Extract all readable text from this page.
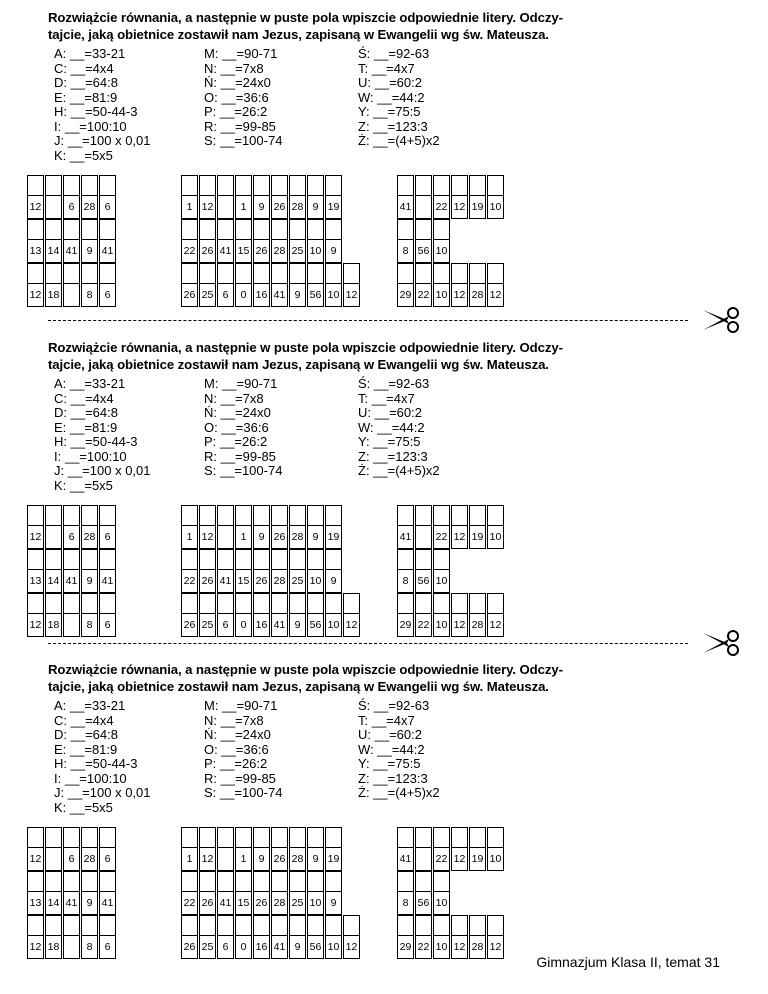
Rozwiążcie równania, a następnie w puste pola wpiszcie odpowiednie litery. Odczy-
tajcie, jaką obietnice zostawił nam Jezus, zapisaną w Ewangelii wg św. Mateusza.
A: __=33-21
C: __=4x4
D: __=64:8
E: __=81:9
H: __=50-44-3
I: __=100:10
J: __=100 x 0,01
K: __=5x5
M: __=90-71
N: __=7x8
Ń: __=24x0
O: __=36:6
P: __=26:2
R: __=99-85
S: __=100-74
Ś: __=92-63
T: __=4x7
U: __=60:2
W: __=44:2
Y: __=75:5
Z: __=123:3
Ż: __=(4+5)x2
12	6 28 6	1 12	1	9 26 28 9 19	41 22 12 19 10
13 14 41 9 41	22 26 41 15 26 28 25 10 9	8 56 10
12 18	8	6	26 25 6	0 16 41 9 56 10 12	29 22 10 12 28 12
Rozwiążcie równania, a następnie w puste pola wpiszcie odpowiednie litery. Odczy-
tajcie, jaką obietnice zostawił nam Jezus, zapisaną w Ewangelii wg św. Mateusza.
A: __=33-21
C: __=4x4
D: __=64:8
E: __=81:9
H: __=50-44-3
I: __=100:10
J: __=100 x 0,01
K: __=5x5
M: __=90-71
N: __=7x8
Ń: __=24x0
O: __=36:6
P: __=26:2
R: __=99-85
S: __=100-74
Ś: __=92-63
T: __=4x7
U: __=60:2
W: __=44:2
Y: __=75:5
Z: __=123:3
Ż: __=(4+5)x2
12	6 28 6	1 12	1	9 26 28 9 19	41 22 12 19 10
13 14 41 9 41	22 26 41 15 26 28 25 10 9	8 56 10
12 18	8	6	26 25 6	0 16 41 9 56 10 12	29 22 10 12 28 12
Rozwiążcie równania, a następnie w puste pola wpiszcie odpowiednie litery. Odczy-
tajcie, jaką obietnice zostawił nam Jezus, zapisaną w Ewangelii wg św. Mateusza.
A: __=33-21
C: __=4x4
D: __=64:8
E: __=81:9
H: __=50-44-3
I: __=100:10
J: __=100 x 0,01
K: __=5x5
M: __=90-71
N: __=7x8
Ń: __=24x0
O: __=36:6
P: __=26:2
R: __=99-85
S: __=100-74
Ś: __=92-63
T: __=4x7
U: __=60:2
W: __=44:2
Y: __=75:5
Z: __=123:3
Ż: __=(4+5)x2
12	6 28 6	1 12	1	9 26 28 9 19	41 22 12 19 10
13 14 41 9 41	22 26 41 15 26 28 25 10 9	8 56 10
12 18	8	6	26 25 6	0 16 41 9 56 10 12	29 22 10 12 28 12
Gimnazjum Klasa II, temat 31
